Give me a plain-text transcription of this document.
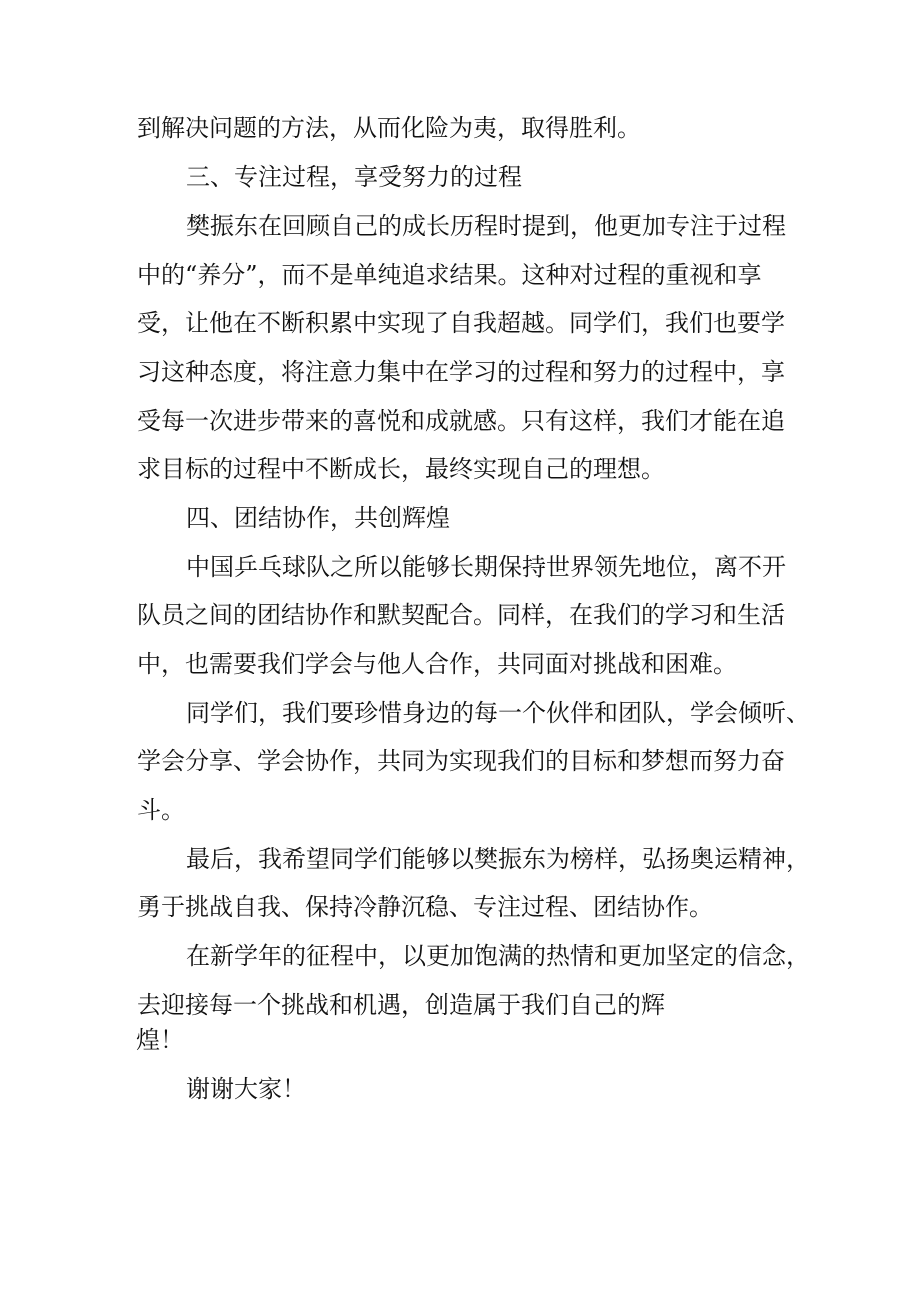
到解决问题的方法，从而化险为夷，取得胜利。
三、专注过程，享受努力的过程
樊振东在回顾自己的成长历程时提到，他更加专注于过程
中的“养分”，而不是单纯追求结果。这种对过程的重视和享
受，让他在不断积累中实现了自我超越。同学们，我们也要学
习这种态度，将注意力集中在学习的过程和努力的过程中，享
受每一次进步带来的喜悦和成就感。只有这样，我们才能在追
求目标的过程中不断成长，最终实现自己的理想。
四、团结协作，共创辉煌
中国乒乓球队之所以能够长期保持世界领先地位，离不开
队员之间的团结协作和默契配合。同样，在我们的学习和生活
中，也需要我们学会与他人合作，共同面对挑战和困难。
同学们，我们要珍惜身边的每一个伙伴和团队，学会倾听、
学会分享、学会协作，共同为实现我们的目标和梦想而努力奋
斗。
最后，我希望同学们能够以樊振东为榜样，弘扬奥运精神，
勇于挑战自我、保持冷静沉稳、专注过程、团结协作。
在新学年的征程中，以更加饱满的热情和更加坚定的信念，
去迎接每一个挑战和机遇，创造属于我们自己的辉
煌！
谢谢大家！
